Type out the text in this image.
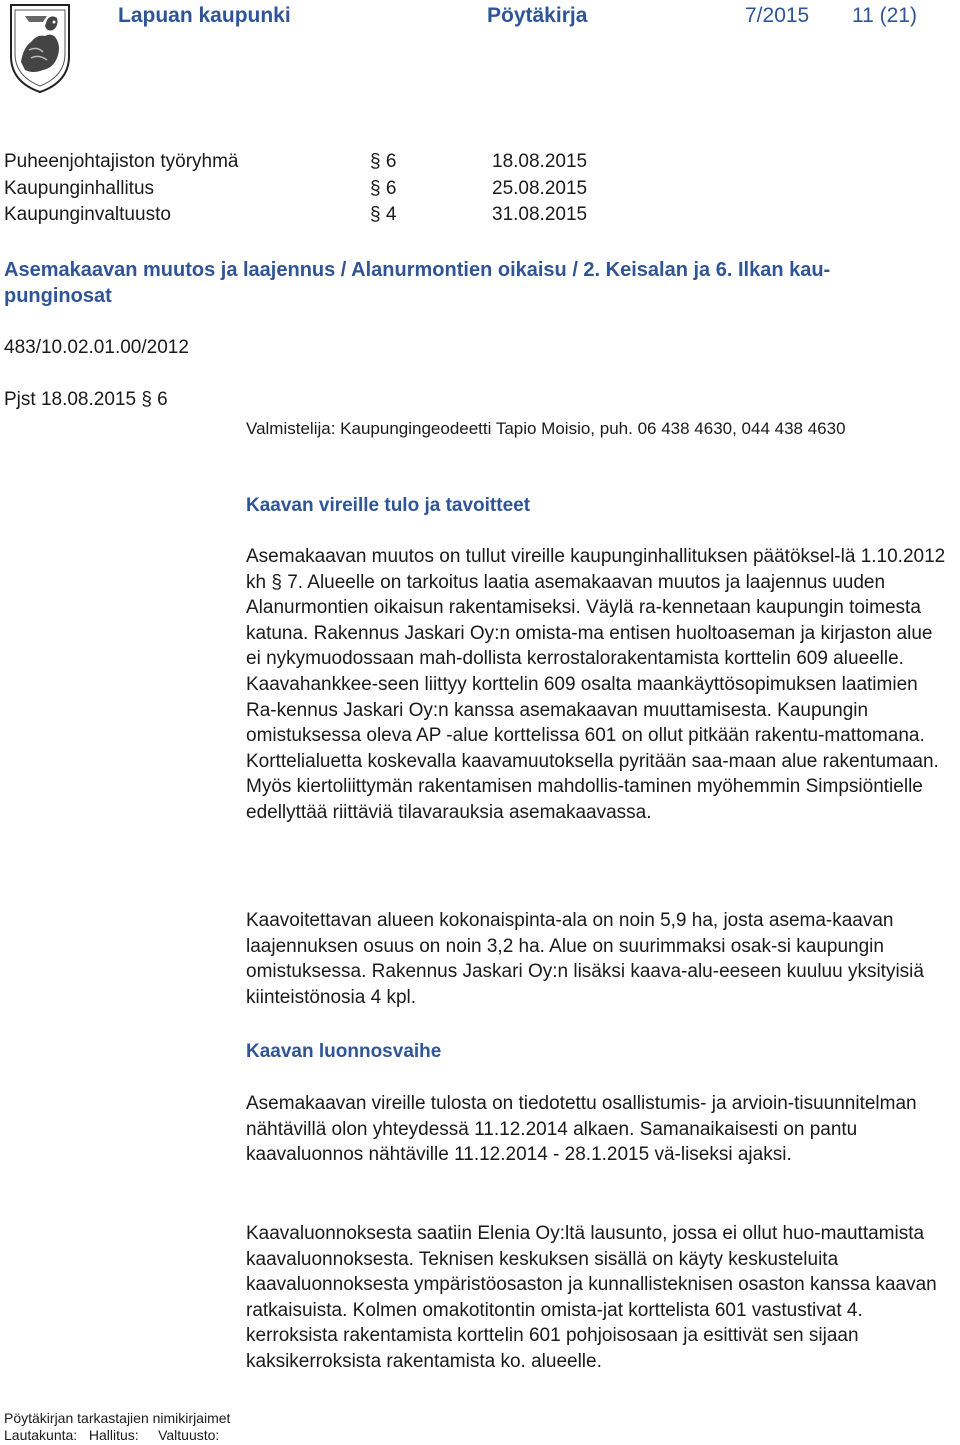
Lapuan kaupunki	Pöytäkirja	7/2015 11 (21)
Puheenjohtajiston työryhmä	§ 6	18.08.2015
Kaupunginhallitus	§ 6	25.08.2015
Kaupunginvaltuusto	§ 4	31.08.2015
Asemakaavan muutos ja laajennus / Alanurmontien oikaisu / 2. Keisalan ja 6. Ilkan kau-
punginosat
483/10.02.01.00/2012
Pjst 18.08.2015 § 6
Valmistelija: Kaupungingeodeetti Tapio Moisio, puh. 06 438 4630, 044 438 4630
Kaavan vireille tulo ja tavoitteet
Asemakaavan muutos on tullut vireille kaupunginhallituksen päätöksel-lä 1.10.2012 kh § 7. Alueelle on tarkoitus laatia asemakaavan muutos ja laajennus uuden Alanurmontien oikaisun rakentamiseksi. Väylä ra-kennetaan kaupungin toimesta katuna. Rakennus Jaskari Oy:n omista-ma entisen huoltoaseman ja kirjaston alue ei nykymuodossaan mah-dollista kerrostalorakentamista korttelin 609 alueelle. Kaavahankkee-seen liittyy korttelin 609 osalta maankäyttösopimuksen laatimien Ra-kennus Jaskari Oy:n kanssa asemakaavan muuttamisesta. Kaupungin omistuksessa oleva AP -alue korttelissa 601 on ollut pitkään rakentu-mattomana. Korttelialuetta koskevalla kaavamuutoksella pyritään saa-maan alue rakentumaan. Myös kiertoliittymän rakentamisen mahdollis-taminen myöhemmin Simpsiöntielle edellyttää riittäviä tilavarauksia asemakaavassa.
Kaavoitettavan alueen kokonaispinta-ala on noin 5,9 ha, josta asema-kaavan laajennuksen osuus on noin 3,2 ha. Alue on suurimmaksi osak-si kaupungin omistuksessa. Rakennus Jaskari Oy:n lisäksi kaava-alu-eeseen kuuluu yksityisiä kiinteistönosia 4 kpl.
Kaavan luonnosvaihe
Asemakaavan vireille tulosta on tiedotettu osallistumis- ja arvioin-tisuunnitelman nähtävillä olon yhteydessä 11.12.2014 alkaen. Samanaikaisesti on pantu kaavaluonnos nähtäville 11.12.2014 - 28.1.2015 vä-liseksi ajaksi.
Kaavaluonnoksesta saatiin Elenia Oy:ltä lausunto, jossa ei ollut huo-mauttamista kaavaluonnoksesta. Teknisen keskuksen sisällä on käyty keskusteluita kaavaluonnoksesta ympäristöosaston ja kunnallisteknisen osaston kanssa kaavan ratkaisuista. Kolmen omakotitontin omista-jat korttelista 601 vastustivat 4. kerroksista rakentamista korttelin 601 pohjoisosaan ja esittivät sen sijaan kaksikerroksista rakentamista ko. alueelle.
Pöytäkirjan tarkastajien nimikirjaimet
Lautakunta:   Hallitus:     Valtuusto:
